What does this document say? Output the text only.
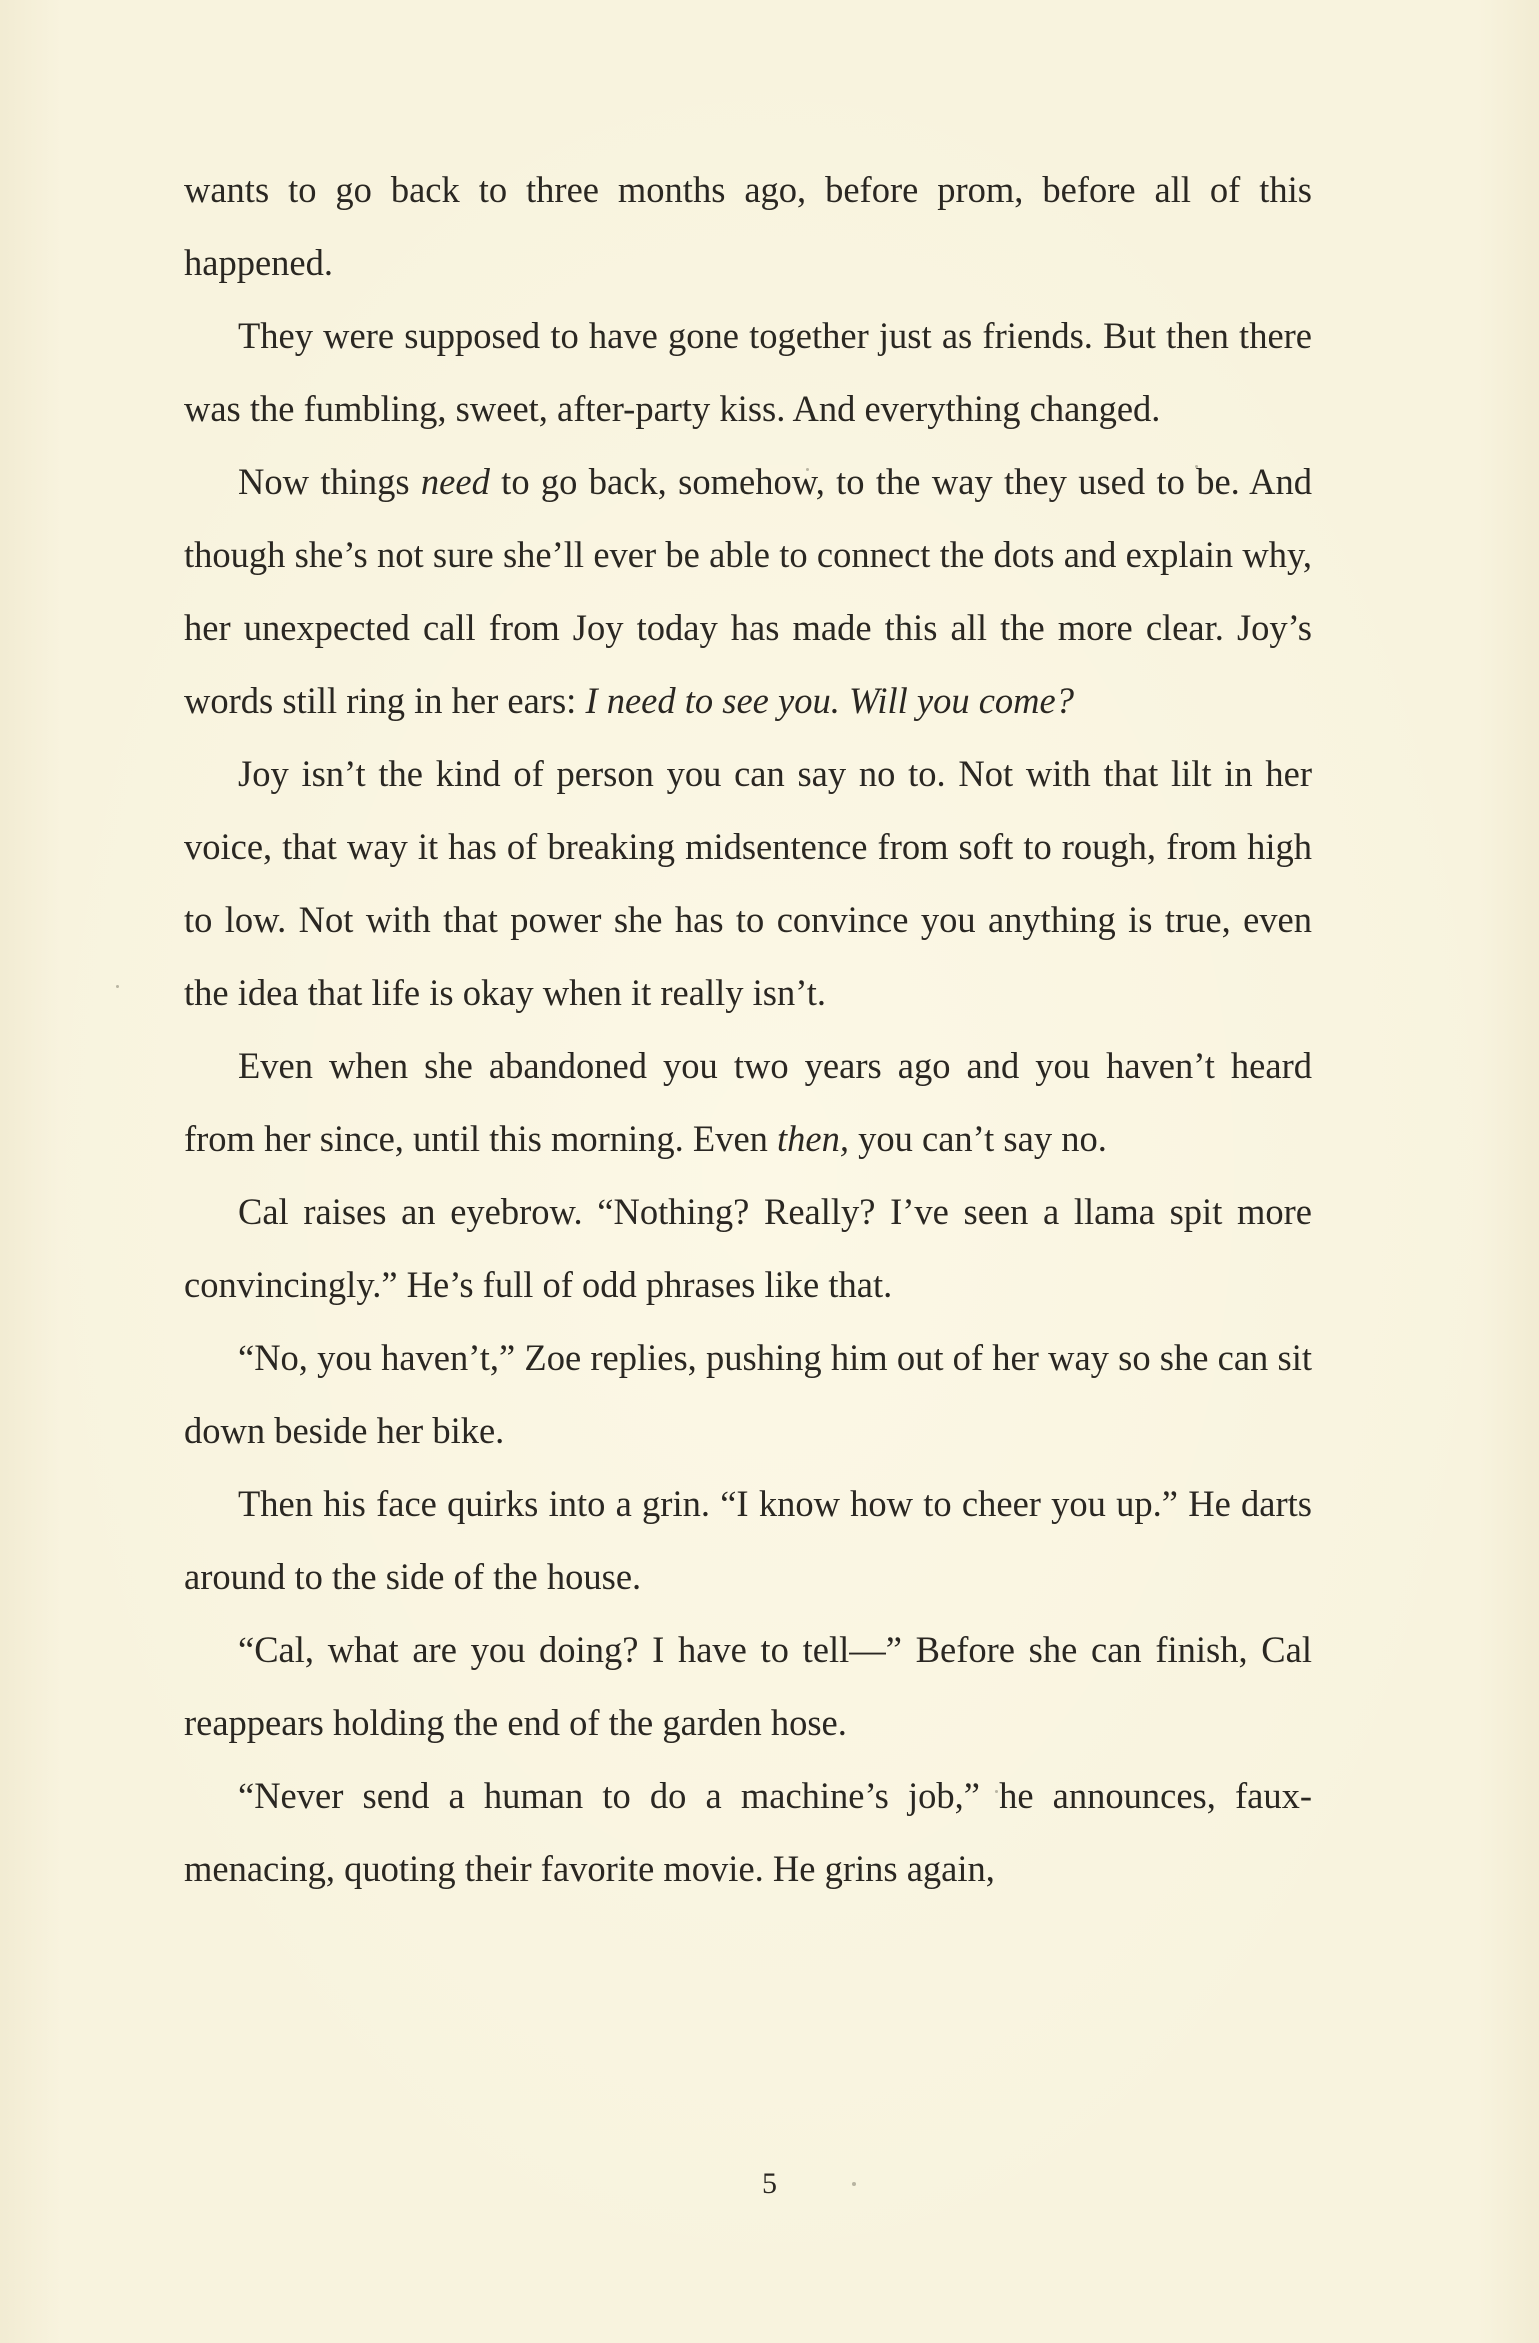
wants to go back to three months ago, before prom, before all of this happened.

They were supposed to have gone together just as friends. But then there was the fumbling, sweet, after-party kiss. And everything changed.

Now things need to go back, somehow, to the way they used to be. And though she’s not sure she’ll ever be able to connect the dots and explain why, her unexpected call from Joy today has made this all the more clear. Joy’s words still ring in her ears: I need to see you. Will you come?

Joy isn’t the kind of person you can say no to. Not with that lilt in her voice, that way it has of breaking midsentence from soft to rough, from high to low. Not with that power she has to convince you anything is true, even the idea that life is okay when it really isn’t.

Even when she abandoned you two years ago and you haven’t heard from her since, until this morning. Even then, you can’t say no.

Cal raises an eyebrow. “Nothing? Really? I’ve seen a llama spit more convincingly.” He’s full of odd phrases like that.

“No, you haven’t,” Zoe replies, pushing him out of her way so she can sit down beside her bike.

Then his face quirks into a grin. “I know how to cheer you up.” He darts around to the side of the house.

“Cal, what are you doing? I have to tell—” Before she can finish, Cal reappears holding the end of the garden hose.

“Never send a human to do a machine’s job,” he announces, faux-menacing, quoting their favorite movie. He grins again,

5
